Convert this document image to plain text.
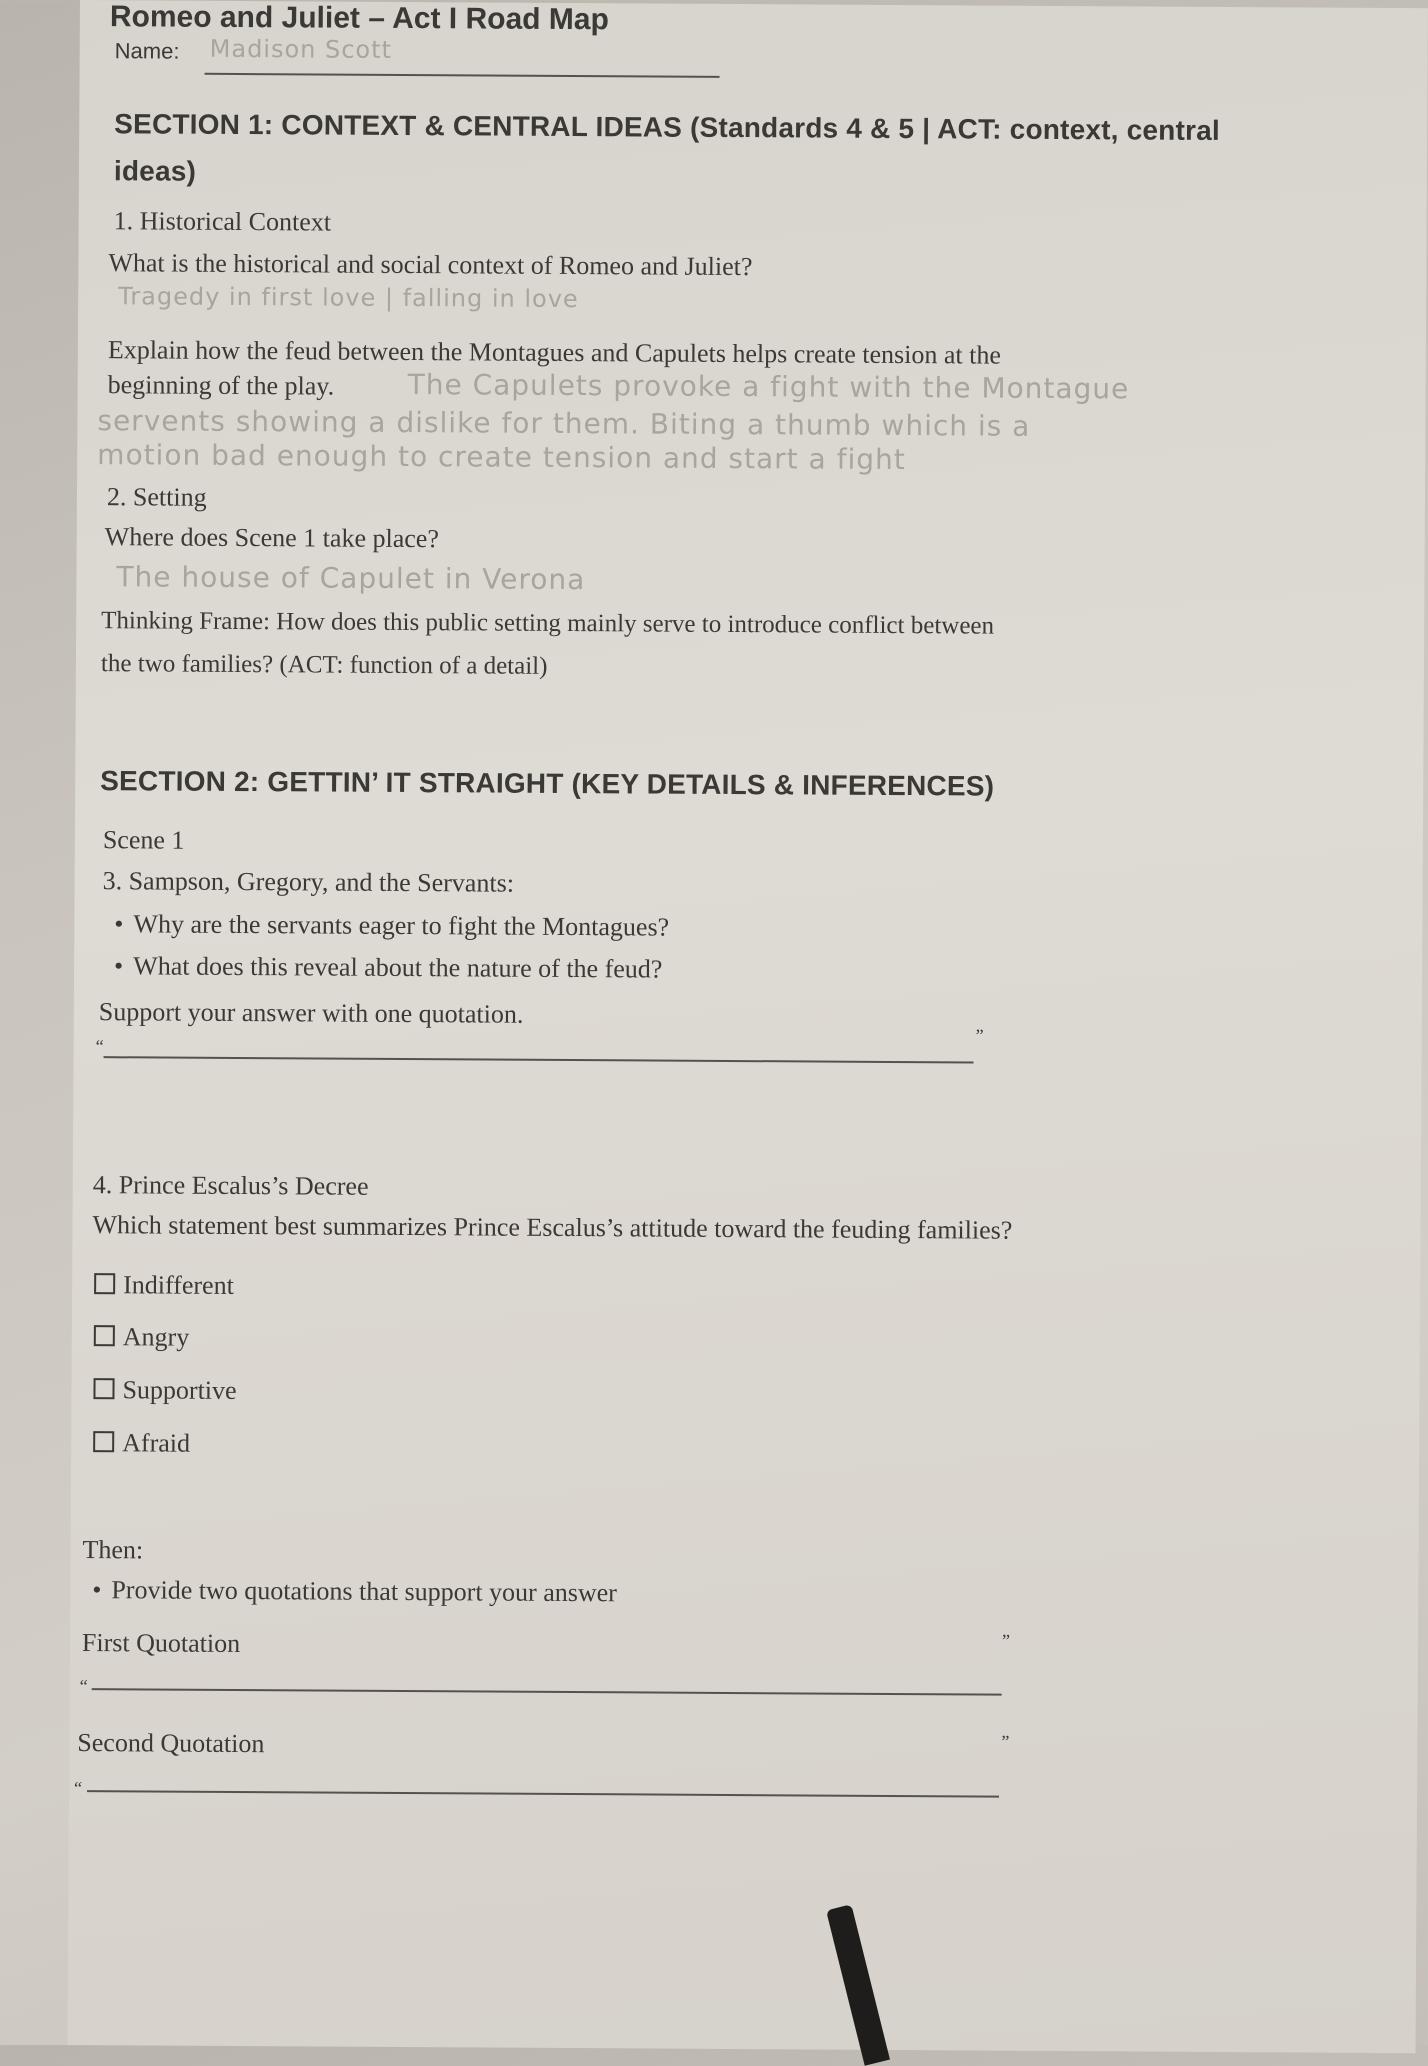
Romeo and Juliet – Act I Road Map
Name: Madison Scott
SECTION 1: CONTEXT & CENTRAL IDEAS (Standards 4 & 5 | ACT: context, central
ideas)
1. Historical Context
What is the historical and social context of Romeo and Juliet?
Tragedy in first love | falling in love
Explain how the feud between the Montagues and Capulets helps create tension at the
beginning of the play.	The Capulets provoke a fight with the Montague
servents showing a dislike for them. Biting a thumb which is a
motion bad enough to create tension and start a fight
2. Setting
Where does Scene 1 take place?
The house of Capulet in Verona
Thinking Frame: How does this public setting mainly serve to introduce conflict between
the two families? (ACT: function of a detail)
SECTION 2: GETTIN’ IT STRAIGHT (KEY DETAILS & INFERENCES)
Scene 1
3. Sampson, Gregory, and the Servants:
• Why are the servants eager to fight the Montagues?
• What does this reveal about the nature of the feud?
Support your answer with one quotation.
“
”
4. Prince Escalus’s Decree
Which statement best summarizes Prince Escalus’s attitude toward the feuding families?
Indifferent
Angry
Supportive
Afraid
Then:
• Provide two quotations that support your answer
First Quotation
“
”
Second Quotation
“
”
